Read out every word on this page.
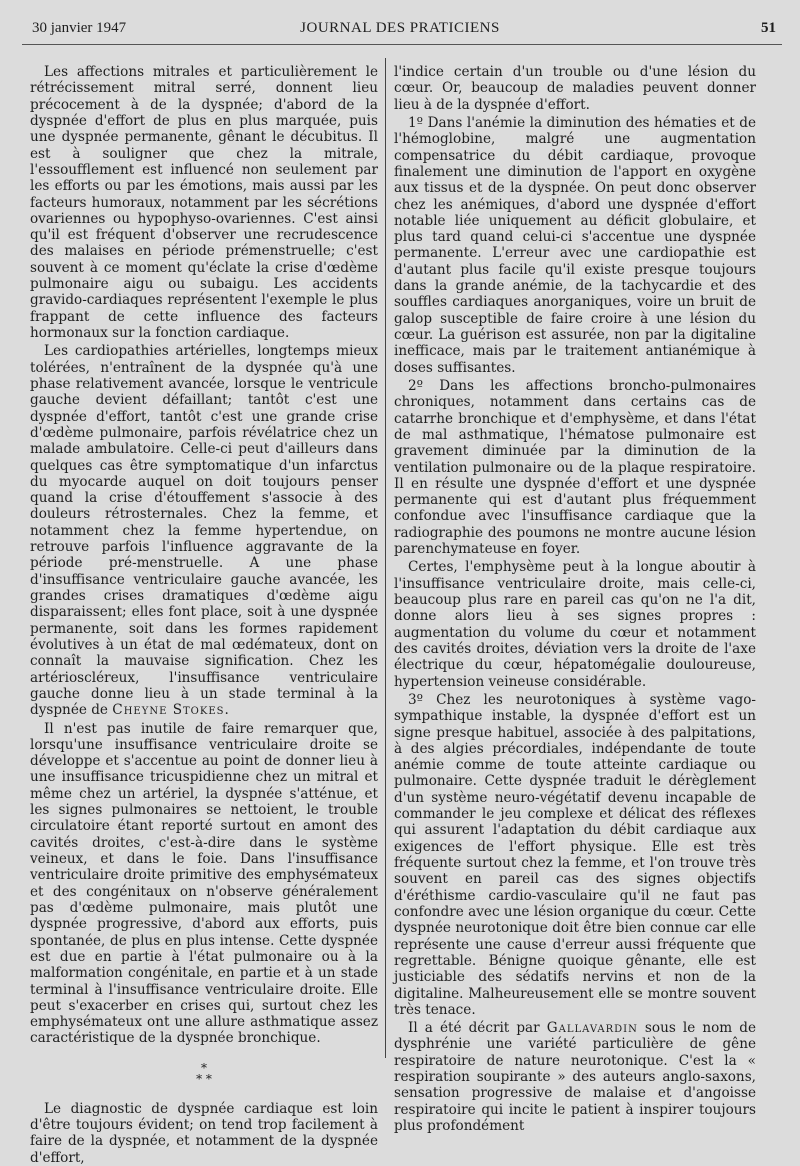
30 janvier 1947	JOURNAL DES PRATICIENS	51

Les affections mitrales et particulièrement le rétrécissement mitral serré, donnent lieu précocement à de la dyspnée; d'abord de la dyspnée d'effort de plus en plus marquée, puis une dyspnée permanente, gênant le décubitus. Il est à souligner que chez la mitrale, l'essoufflement est influencé non seulement par les efforts ou par les émotions, mais aussi par les facteurs humoraux, notamment par les sécrétions ovariennes ou hypophyso-ovariennes. C'est ainsi qu'il est fréquent d'observer une recrudescence des malaises en période prémenstruelle; c'est souvent à ce moment qu'éclate la crise d'œdème pulmonaire aigu ou subaigu. Les accidents gravido-cardiaques représentent l'exemple le plus frappant de cette influence des facteurs hormonaux sur la fonction cardiaque.

Les cardiopathies artérielles, longtemps mieux tolérées, n'entraînent de la dyspnée qu'à une phase relativement avancée, lorsque le ventricule gauche devient défaillant; tantôt c'est une dyspnée d'effort, tantôt c'est une grande crise d'œdème pulmonaire, parfois révélatrice chez un malade ambulatoire. Celle-ci peut d'ailleurs dans quelques cas être symptomatique d'un infarctus du myocarde auquel on doit toujours penser quand la crise d'étouffement s'associe à des douleurs rétrosternales. Chez la femme, et notamment chez la femme hypertendue, on retrouve parfois l'influence aggravante de la période pré-menstruelle. A une phase d'insuffisance ventriculaire gauche avancée, les grandes crises dramatiques d'œdème aigu disparaissent; elles font place, soit à une dyspnée permanente, soit dans les formes rapidement évolutives à un état de mal œdémateux, dont on connaît la mauvaise signification. Chez les artérioscléreux, l'insuffisance ventriculaire gauche donne lieu à un stade terminal à la dyspnée de Cheyne Stokes.

Il n'est pas inutile de faire remarquer que, lorsqu'une insuffisance ventriculaire droite se développe et s'accentue au point de donner lieu à une insuffisance tricuspidienne chez un mitral et même chez un artériel, la dyspnée s'atténue, et les signes pulmonaires se nettoient, le trouble circulatoire étant reporté surtout en amont des cavités droites, c'est-à-dire dans le système veineux, et dans le foie. Dans l'insuffisance ventriculaire droite primitive des emphysémateux et des congénitaux on n'observe généralement pas d'œdème pulmonaire, mais plutôt une dyspnée progressive, d'abord aux efforts, puis spontanée, de plus en plus intense. Cette dyspnée est due en partie à l'état pulmonaire ou à la malformation congénitale, en partie et à un stade terminal à l'insuffisance ventriculaire droite. Elle peut s'exacerber en crises qui, surtout chez les emphysémateux ont une allure asthmatique assez caractéristique de la dyspnée bronchique.

*
* *

Le diagnostic de dyspnée cardiaque est loin d'être toujours évident; on tend trop facilement à faire de la dyspnée, et notamment de la dyspnée d'effort,

l'indice certain d'un trouble ou d'une lésion du cœur. Or, beaucoup de maladies peuvent donner lieu à de la dyspnée d'effort.

1º Dans l'anémie la diminution des hématies et de l'hémoglobine, malgré une augmentation compensatrice du débit cardiaque, provoque finalement une diminution de l'apport en oxygène aux tissus et de la dyspnée. On peut donc observer chez les anémiques, d'abord une dyspnée d'effort notable liée uniquement au déficit globulaire, et plus tard quand celui-ci s'accentue une dyspnée permanente. L'erreur avec une cardiopathie est d'autant plus facile qu'il existe presque toujours dans la grande anémie, de la tachycardie et des souffles cardiaques anorganiques, voire un bruit de galop susceptible de faire croire à une lésion du cœur. La guérison est assurée, non par la digitaline inefficace, mais par le traitement antianémique à doses suffisantes.

2º Dans les affections broncho-pulmonaires chroniques, notamment dans certains cas de catarrhe bronchique et d'emphysème, et dans l'état de mal asthmatique, l'hématose pulmonaire est gravement diminuée par la diminution de la ventilation pulmonaire ou de la plaque respiratoire. Il en résulte une dyspnée d'effort et une dyspnée permanente qui est d'autant plus fréquemment confondue avec l'insuffisance cardiaque que la radiographie des poumons ne montre aucune lésion parenchymateuse en foyer.

Certes, l'emphysème peut à la longue aboutir à l'insuffisance ventriculaire droite, mais celle-ci, beaucoup plus rare en pareil cas qu'on ne l'a dit, donne alors lieu à ses signes propres : augmentation du volume du cœur et notamment des cavités droites, déviation vers la droite de l'axe électrique du cœur, hépatomégalie douloureuse, hypertension veineuse considérable.

3º Chez les neurotoniques à système vago-sympathique instable, la dyspnée d'effort est un signe presque habituel, associée à des palpitations, à des algies précordiales, indépendante de toute anémie comme de toute atteinte cardiaque ou pulmonaire. Cette dyspnée traduit le dérèglement d'un système neuro-végétatif devenu incapable de commander le jeu complexe et délicat des réflexes qui assurent l'adaptation du débit cardiaque aux exigences de l'effort physique. Elle est très fréquente surtout chez la femme, et l'on trouve très souvent en pareil cas des signes objectifs d'éréthisme cardio-vasculaire qu'il ne faut pas confondre avec une lésion organique du cœur. Cette dyspnée neurotonique doit être bien connue car elle représente une cause d'erreur aussi fréquente que regrettable. Bénigne quoique gênante, elle est justiciable des sédatifs nervins et non de la digitaline. Malheureusement elle se montre souvent très tenace.

Il a été décrit par Gallavardin sous le nom de dysphrénie une variété particulière de gêne respiratoire de nature neurotonique. C'est la « respiration soupirante » des auteurs anglo-saxons, sensation progressive de malaise et d'angoisse respiratoire qui incite le patient à inspirer toujours plus profondément
